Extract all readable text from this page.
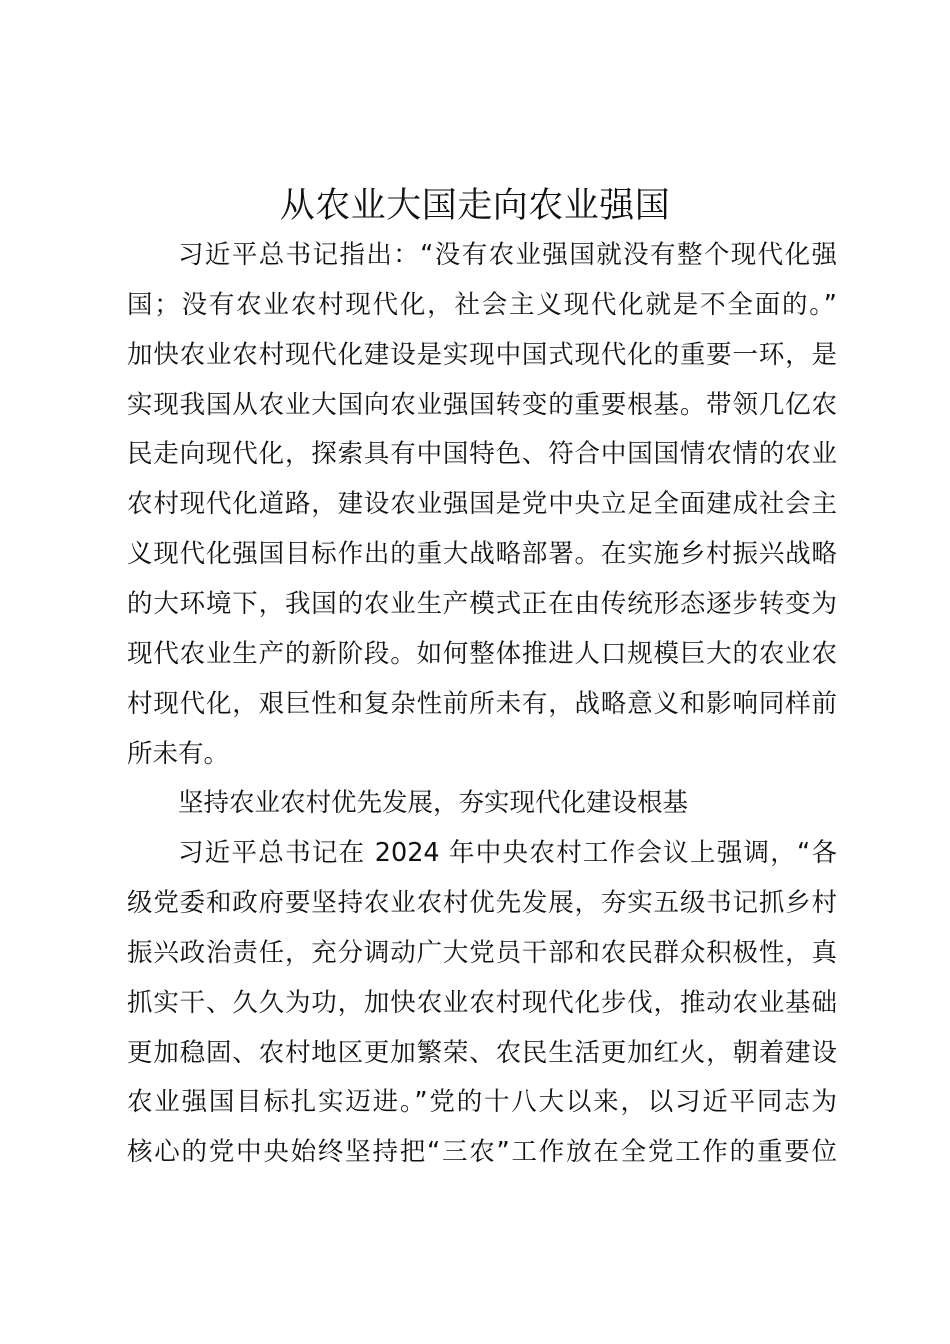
从农业大国走向农业强国
习近平总书记指出：“没有农业强国就没有整个现代化强
国；没有农业农村现代化，社会主义现代化就是不全面的。”
加快农业农村现代化建设是实现中国式现代化的重要一环，是
实现我国从农业大国向农业强国转变的重要根基。带领几亿农
民走向现代化，探索具有中国特色、符合中国国情农情的农业
农村现代化道路，建设农业强国是党中央立足全面建成社会主
义现代化强国目标作出的重大战略部署。在实施乡村振兴战略
的大环境下，我国的农业生产模式正在由传统形态逐步转变为
现代农业生产的新阶段。如何整体推进人口规模巨大的农业农
村现代化，艰巨性和复杂性前所未有，战略意义和影响同样前
所未有。
坚持农业农村优先发展，夯实现代化建设根基
习近平总书记在 2024 年中央农村工作会议上强调，“各
级党委和政府要坚持农业农村优先发展，夯实五级书记抓乡村
振兴政治责任，充分调动广大党员干部和农民群众积极性，真
抓实干、久久为功，加快农业农村现代化步伐，推动农业基础
更加稳固、农村地区更加繁荣、农民生活更加红火，朝着建设
农业强国目标扎实迈进。”党的十八大以来，以习近平同志为
核心的党中央始终坚持把“三农”工作放在全党工作的重要位
